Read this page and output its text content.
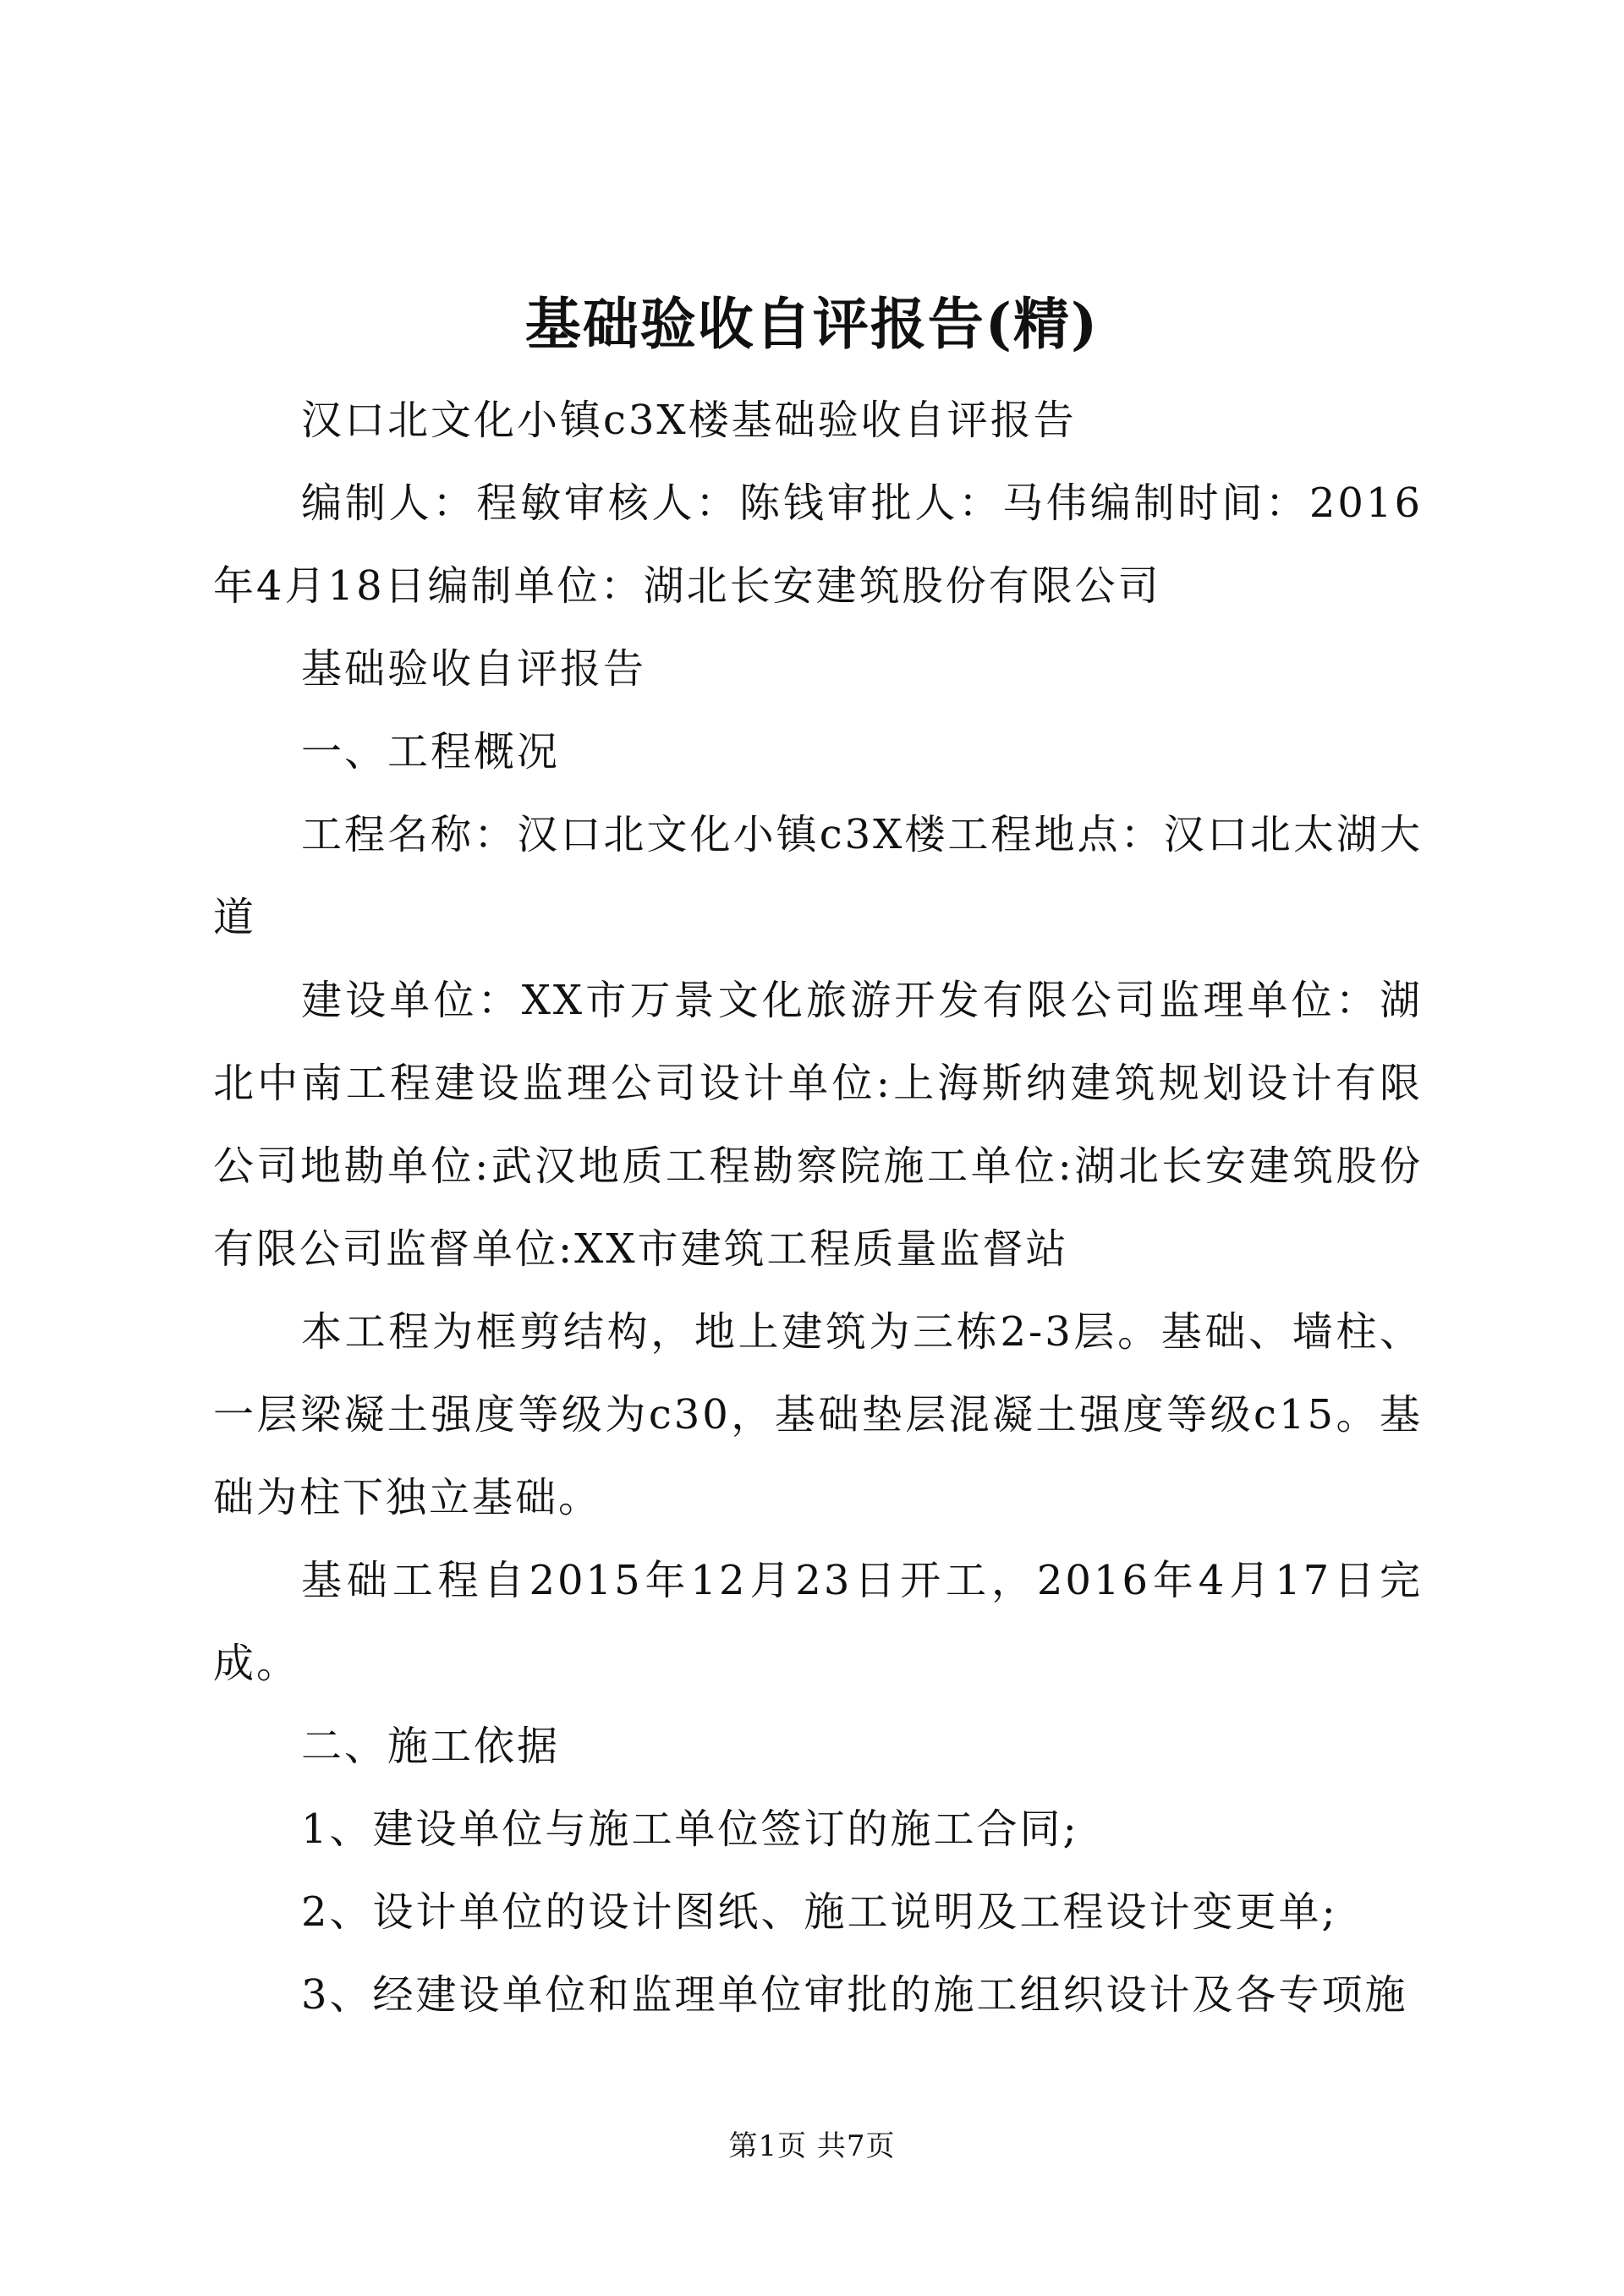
基础验收自评报告(精)

汉口北文化小镇c3X楼基础验收自评报告

编制人：程敏审核人：陈钱审批人：马伟编制时间：2016年4月18日编制单位：湖北长安建筑股份有限公司

基础验收自评报告

一、工程概况

工程名称：汉口北文化小镇c3X楼工程地点：汉口北太湖大道

建设单位：XX市万景文化旅游开发有限公司监理单位：湖北中南工程建设监理公司设计单位:上海斯纳建筑规划设计有限公司地勘单位:武汉地质工程勘察院施工单位:湖北长安建筑股份有限公司监督单位:XX市建筑工程质量监督站

本工程为框剪结构，地上建筑为三栋2-3层。基础、墙柱、一层梁凝土强度等级为c30，基础垫层混凝土强度等级c15。基础为柱下独立基础。

基础工程自2015年12月23日开工，2016年4月17日完成。

二、施工依据

1、建设单位与施工单位签订的施工合同;

2、设计单位的设计图纸、施工说明及工程设计变更单;

3、经建设单位和监理单位审批的施工组织设计及各专项施

第1页 共7页
